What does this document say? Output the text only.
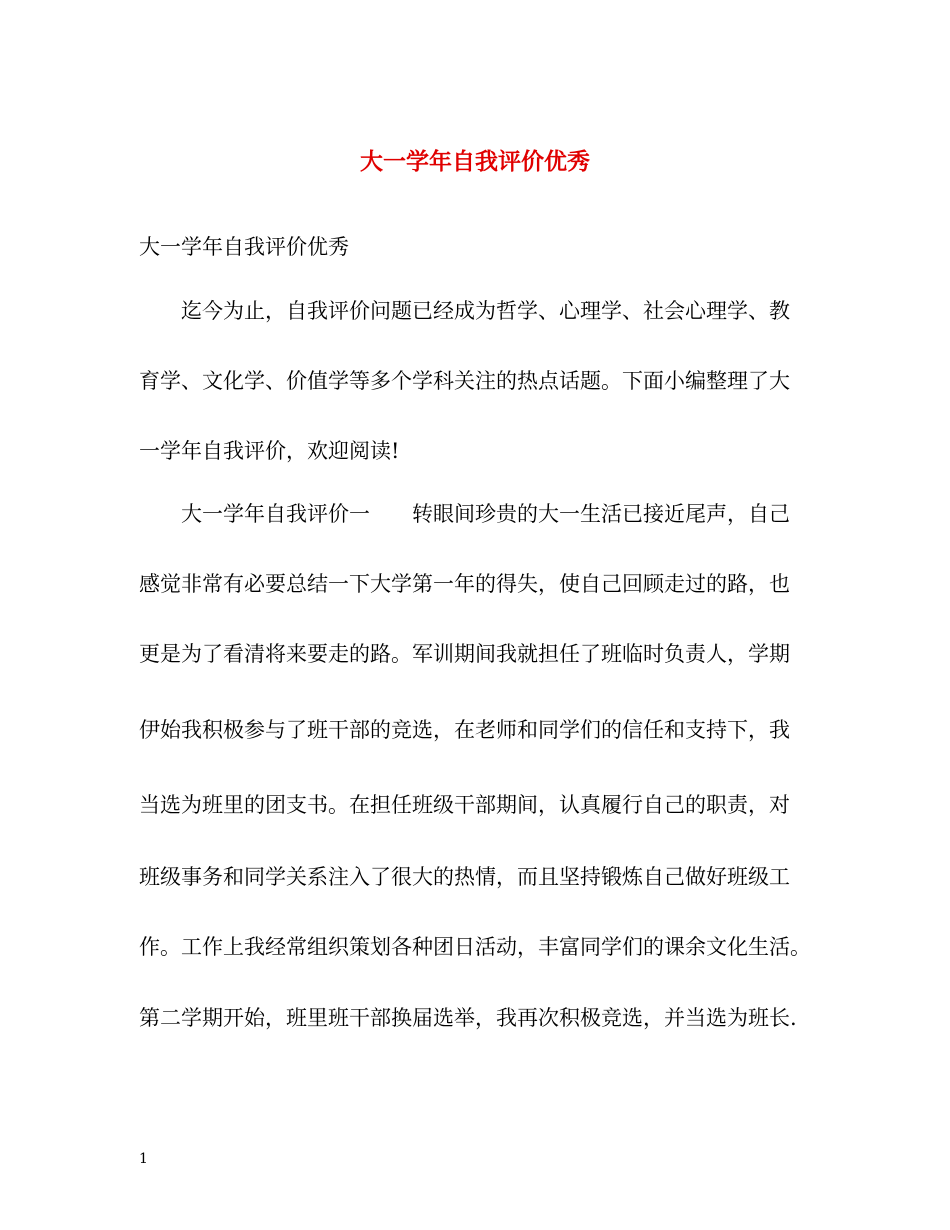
大一学年自我评价优秀
大一学年自我评价优秀
迄今为止，自我评价问题已经成为哲学、心理学、社会心理学、教
育学、文化学、价值学等多个学科关注的热点话题。下面小编整理了大
一学年自我评价，欢迎阅读!
大一学年自我评价一 转眼间珍贵的大一生活已接近尾声，自己
感觉非常有必要总结一下大学第一年的得失，使自己回顾走过的路，也
更是为了看清将来要走的路。军训期间我就担任了班临时负责人，学期
伊始我积极参与了班干部的竞选，在老师和同学们的信任和支持下，我
当选为班里的团支书。在担任班级干部期间，认真履行自己的职责，对
班级事务和同学关系注入了很大的热情，而且坚持锻炼自己做好班级工
作。工作上我经常组织策划各种团日活动，丰富同学们的课余文化生活。
第二学期开始，班里班干部换届选举，我再次积极竞选，并当选为班长.
1
